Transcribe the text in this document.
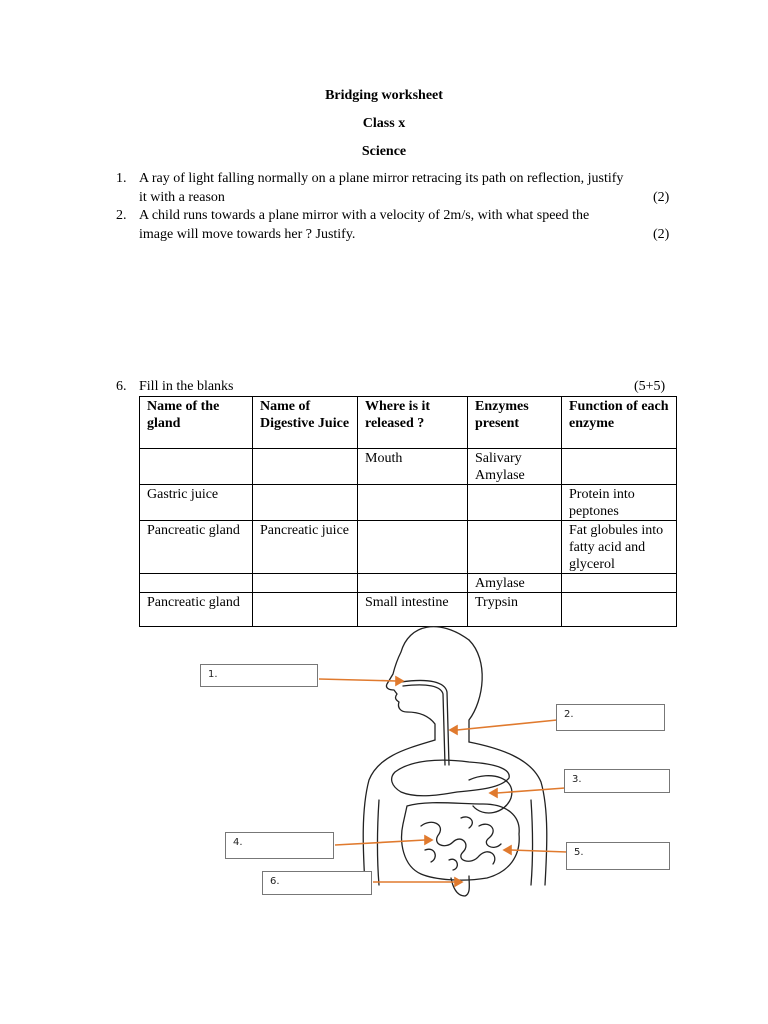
Bridging worksheet
Class x
Science
1. A ray of light falling normally on a plane mirror retracing its path on reflection, justify
it with a reason	(2)
2. A child runs towards a plane mirror with a velocity of 2m/s, with what speed the
image will move towards her ? Justify.	(2)
6. Fill in the blanks	(5+5)
Name of the gland	Name of Digestive Juice	Where is it released ?	Enzymes present	Function of each enzyme
		Mouth	Salivary Amylase	
Gastric juice				Protein into peptones
Pancreatic gland	Pancreatic juice			Fat globules into fatty acid and glycerol
			Amylase	
Pancreatic gland		Small intestine	Trypsin	
1.
2.
3.
4.
5.
6.
